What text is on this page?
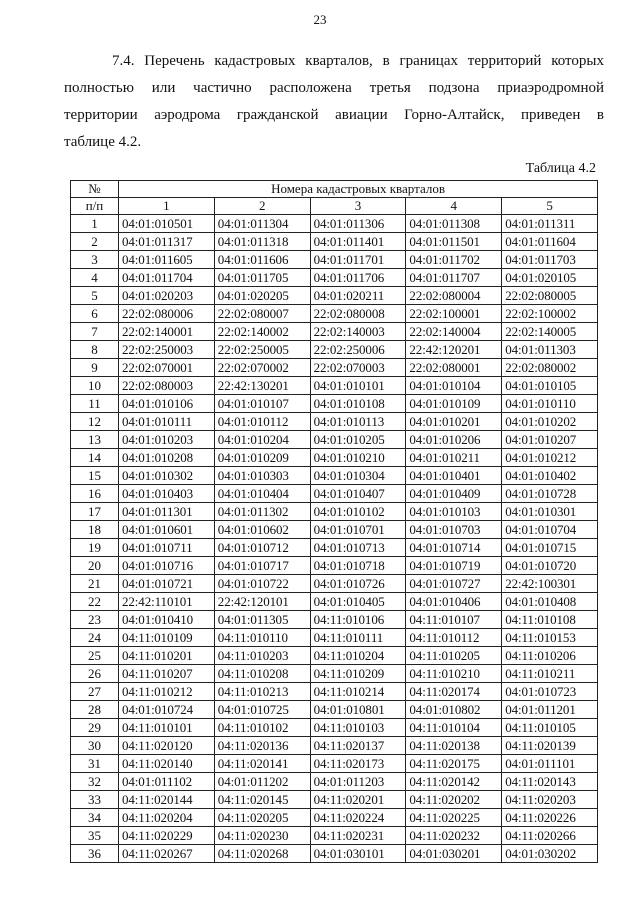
23
7.4. Перечень кадастровых кварталов, в границах территорий которых
полностью или частично расположена третья подзона приаэродромной
территории аэродрома гражданской авиации Горно-Алтайск, приведен в
таблице 4.2.
Таблица 4.2
№	Номера кадастровых кварталов				
п/п	1	2	3	4	5
1	04:01:010501	04:01:011304	04:01:011306	04:01:011308	04:01:011311
2	04:01:011317	04:01:011318	04:01:011401	04:01:011501	04:01:011604
3	04:01:011605	04:01:011606	04:01:011701	04:01:011702	04:01:011703
4	04:01:011704	04:01:011705	04:01:011706	04:01:011707	04:01:020105
5	04:01:020203	04:01:020205	04:01:020211	22:02:080004	22:02:080005
6	22:02:080006	22:02:080007	22:02:080008	22:02:100001	22:02:100002
7	22:02:140001	22:02:140002	22:02:140003	22:02:140004	22:02:140005
8	22:02:250003	22:02:250005	22:02:250006	22:42:120201	04:01:011303
9	22:02:070001	22:02:070002	22:02:070003	22:02:080001	22:02:080002
10	22:02:080003	22:42:130201	04:01:010101	04:01:010104	04:01:010105
11	04:01:010106	04:01:010107	04:01:010108	04:01:010109	04:01:010110
12	04:01:010111	04:01:010112	04:01:010113	04:01:010201	04:01:010202
13	04:01:010203	04:01:010204	04:01:010205	04:01:010206	04:01:010207
14	04:01:010208	04:01:010209	04:01:010210	04:01:010211	04:01:010212
15	04:01:010302	04:01:010303	04:01:010304	04:01:010401	04:01:010402
16	04:01:010403	04:01:010404	04:01:010407	04:01:010409	04:01:010728
17	04:01:011301	04:01:011302	04:01:010102	04:01:010103	04:01:010301
18	04:01:010601	04:01:010602	04:01:010701	04:01:010703	04:01:010704
19	04:01:010711	04:01:010712	04:01:010713	04:01:010714	04:01:010715
20	04:01:010716	04:01:010717	04:01:010718	04:01:010719	04:01:010720
21	04:01:010721	04:01:010722	04:01:010726	04:01:010727	22:42:100301
22	22:42:110101	22:42:120101	04:01:010405	04:01:010406	04:01:010408
23	04:01:010410	04:01:011305	04:11:010106	04:11:010107	04:11:010108
24	04:11:010109	04:11:010110	04:11:010111	04:11:010112	04:11:010153
25	04:11:010201	04:11:010203	04:11:010204	04:11:010205	04:11:010206
26	04:11:010207	04:11:010208	04:11:010209	04:11:010210	04:11:010211
27	04:11:010212	04:11:010213	04:11:010214	04:11:020174	04:01:010723
28	04:01:010724	04:01:010725	04:01:010801	04:01:010802	04:01:011201
29	04:11:010101	04:11:010102	04:11:010103	04:11:010104	04:11:010105
30	04:11:020120	04:11:020136	04:11:020137	04:11:020138	04:11:020139
31	04:11:020140	04:11:020141	04:11:020173	04:11:020175	04:01:011101
32	04:01:011102	04:01:011202	04:01:011203	04:11:020142	04:11:020143
33	04:11:020144	04:11:020145	04:11:020201	04:11:020202	04:11:020203
34	04:11:020204	04:11:020205	04:11:020224	04:11:020225	04:11:020226
35	04:11:020229	04:11:020230	04:11:020231	04:11:020232	04:11:020266
36	04:11:020267	04:11:020268	04:01:030101	04:01:030201	04:01:030202
